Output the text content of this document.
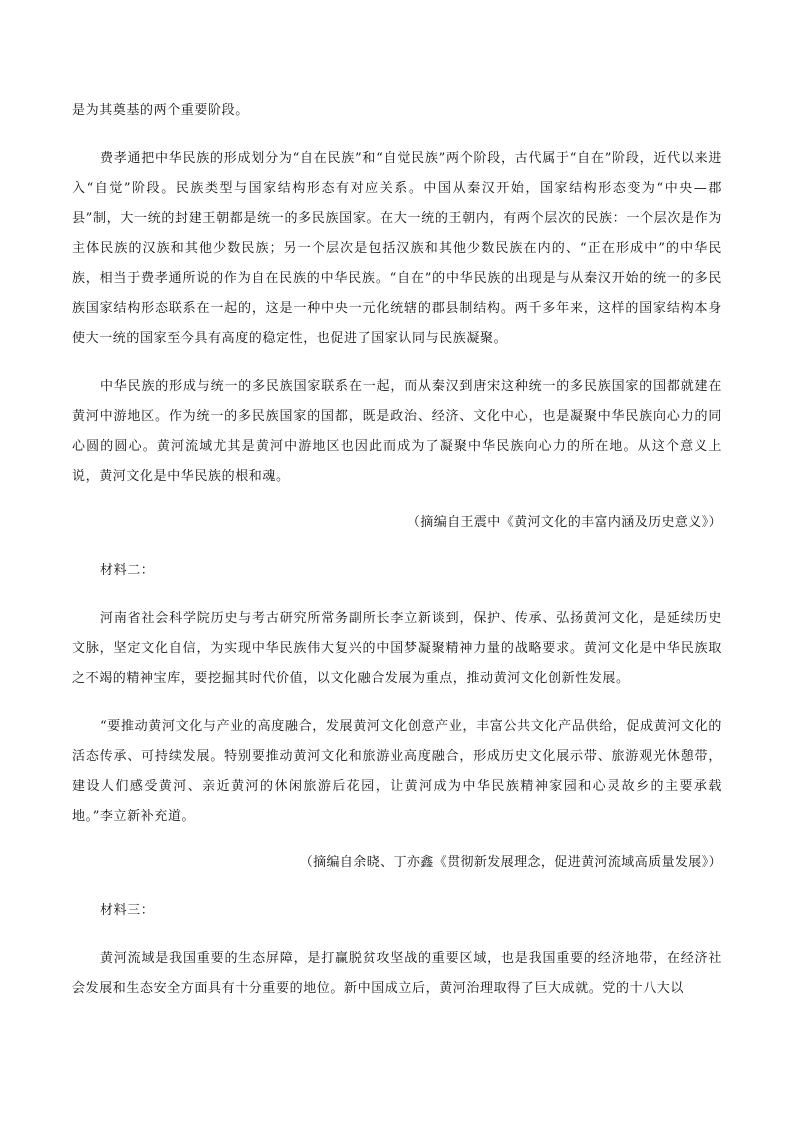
是为其奠基的两个重要阶段。

费孝通把中华民族的形成划分为“自在民族”和“自觉民族”两个阶段，古代属于“自在”阶段，近代以来进入“自觉”阶段。民族类型与国家结构形态有对应关系。中国从秦汉开始，国家结构形态变为“中央—郡县”制，大一统的封建王朝都是统一的多民族国家。在大一统的王朝内，有两个层次的民族：一个层次是作为主体民族的汉族和其他少数民族；另一个层次是包括汉族和其他少数民族在内的、“正在形成中”的中华民族，相当于费孝通所说的作为自在民族的中华民族。“自在”的中华民族的出现是与从秦汉开始的统一的多民族国家结构形态联系在一起的，这是一种中央一元化统辖的郡县制结构。两千多年来，这样的国家结构本身使大一统的国家至今具有高度的稳定性，也促进了国家认同与民族凝聚。

中华民族的形成与统一的多民族国家联系在一起，而从秦汉到唐宋这种统一的多民族国家的国都就建在黄河中游地区。作为统一的多民族国家的国都，既是政治、经济、文化中心，也是凝聚中华民族向心力的同心圆的圆心。黄河流域尤其是黄河中游地区也因此而成为了凝聚中华民族向心力的所在地。从这个意义上说，黄河文化是中华民族的根和魂。

（摘编自王震中《黄河文化的丰富内涵及历史意义》）

材料二：

河南省社会科学院历史与考古研究所常务副所长李立新谈到，保护、传承、弘扬黄河文化，是延续历史文脉，坚定文化自信，为实现中华民族伟大复兴的中国梦凝聚精神力量的战略要求。黄河文化是中华民族取之不竭的精神宝库，要挖掘其时代价值，以文化融合发展为重点，推动黄河文化创新性发展。

“要推动黄河文化与产业的高度融合，发展黄河文化创意产业，丰富公共文化产品供给，促成黄河文化的活态传承、可持续发展。特别要推动黄河文化和旅游业高度融合，形成历史文化展示带、旅游观光休憩带，建设人们感受黄河、亲近黄河的休闲旅游后花园，让黄河成为中华民族精神家园和心灵故乡的主要承载地。”李立新补充道。

（摘编自余晓、丁亦鑫《贯彻新发展理念，促进黄河流域高质量发展》）

材料三：

黄河流域是我国重要的生态屏障，是打赢脱贫攻坚战的重要区域，也是我国重要的经济地带，在经济社会发展和生态安全方面具有十分重要的地位。新中国成立后，黄河治理取得了巨大成就。党的十八大以
